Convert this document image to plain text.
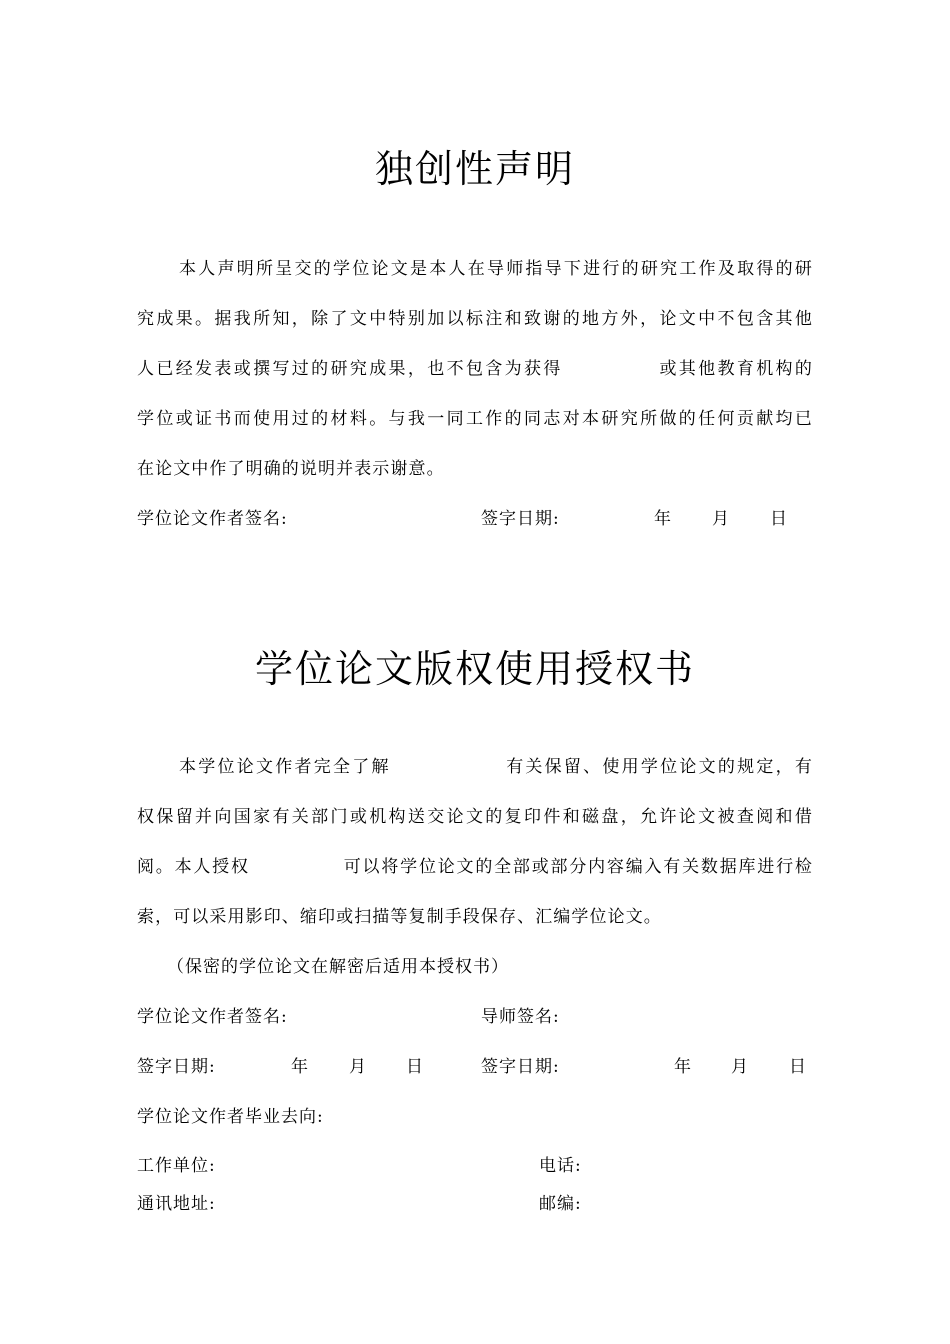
独创性声明
本人声明所呈交的学位论文是本人在导师指导下进行的研究工作及取得的研
究成果。据我所知，除了文中特别加以标注和致谢的地方外，论文中不包含其他
人已经发表或撰写过的研究成果，也不包含为获得　　　　　或其他教育机构的
学位或证书而使用过的材料。与我一同工作的同志对本研究所做的任何贡献均已
在论文中作了明确的说明并表示谢意。
学位论文作者签名:	签字日期:	年 月 日
学位论文版权使用授权书
本学位论文作者完全了解　　　　　　有关保留、使用学位论文的规定，有
权保留并向国家有关部门或机构送交论文的复印件和磁盘，允许论文被查阅和借
阅。本人授权　　　　　可以将学位论文的全部或部分内容编入有关数据库进行检
索，可以采用影印、缩印或扫描等复制手段保存、汇编学位论文。
（保密的学位论文在解密后适用本授权书）
学位论文作者签名:	导师签名:
签字日期:	年 月 日	签字日期:	年 月 日
学位论文作者毕业去向:
工作单位:	电话:
通讯地址:	邮编:
